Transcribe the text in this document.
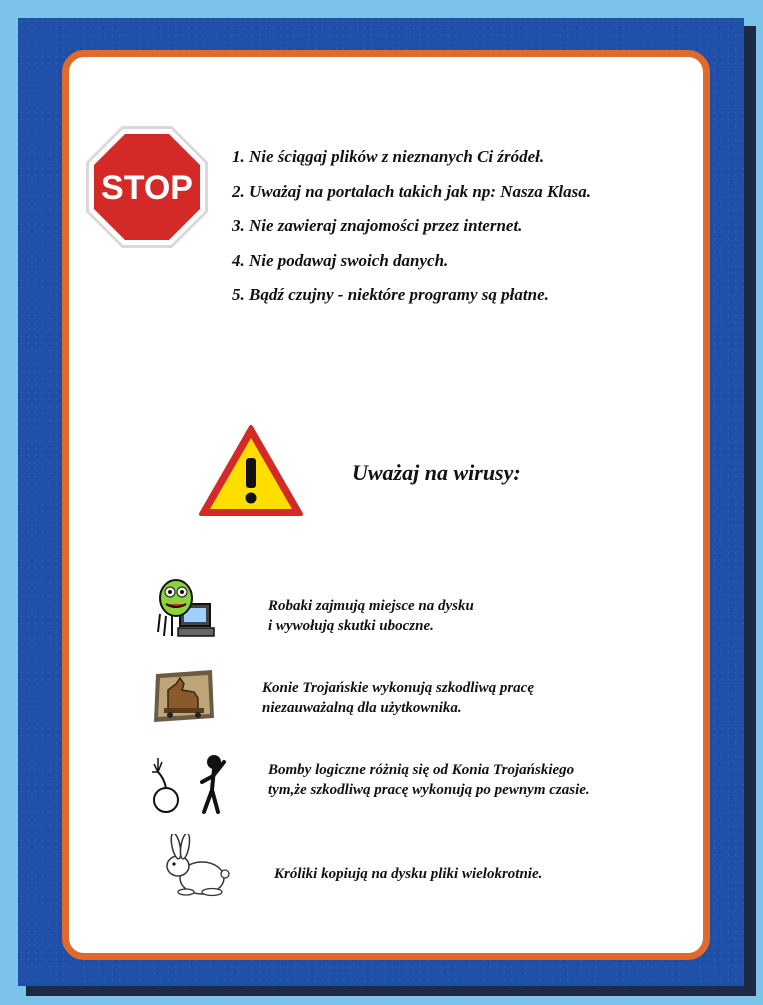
STOP
1. Nie ściągaj plików z nieznanych Ci źródeł.
2. Uważaj na portalach takich jak np: Nasza Klasa.
3. Nie zawieraj znajomości przez internet.
4. Nie podawaj swoich danych.
5. Bądź czujny - niektóre programy są płatne.
Uważaj na wirusy:
Robaki zajmują miejsce na dysku
i wywołują skutki uboczne.
Konie Trojańskie wykonują szkodliwą pracę
niezauważalną dla użytkownika.
Bomby logiczne różnią się od Konia Trojańskiego
tym,że szkodliwą pracę wykonują po pewnym czasie.
Króliki kopiują na dysku pliki wielokrotnie.
